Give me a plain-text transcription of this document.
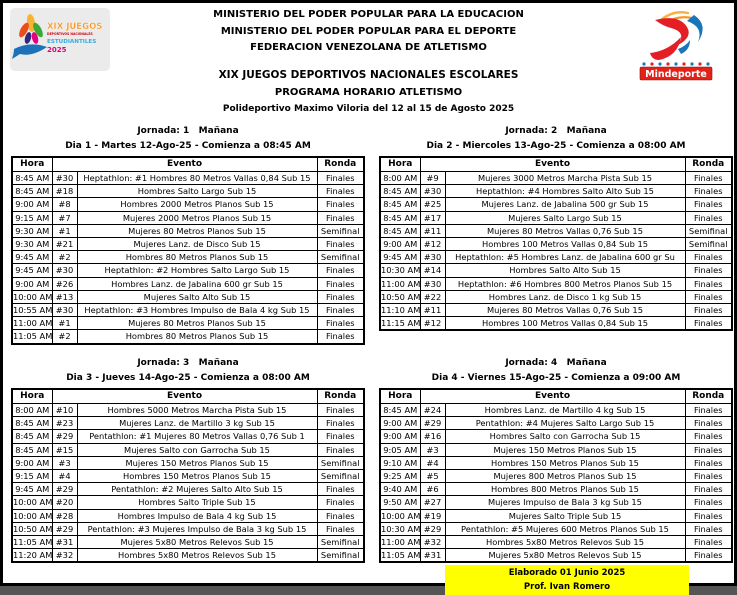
XIX JUEGOS
DEPORTIVOS NACIONALES
ESTUDIANTILES
2025
Mindeporte
MINISTERIO DEL PODER POPULAR PARA LA EDUCACION
MINISTERIO DEL PODER POPULAR PARA EL DEPORTE
FEDERACION VENEZOLANA DE ATLETISMO
XIX JUEGOS DEPORTIVOS NACIONALES ESCOLARES
PROGRAMA HORARIO ATLETISMO
Polideportivo Maximo Viloria del 12 al 15 de Agosto 2025
Jornada: 1   Mañana
Dia 1 - Martes 12-Ago-25 - Comienza a 08:45 AM
Hora	Evento		Ronda
8:45 AM	#30	Heptathlon: #1 Hombres 80 Metros Vallas 0,84 Sub 15	Finales
8:45 AM	#18	Hombres Salto Largo Sub 15	Finales
9:00 AM	#8	Hombres 2000 Metros Planos Sub 15	Finales
9:15 AM	#7	Mujeres 2000 Metros Planos Sub 15	Finales
9:30 AM	#1	Mujeres 80 Metros Planos Sub 15	Semifinal
9:30 AM	#21	Mujeres Lanz. de Disco Sub 15	Finales
9:45 AM	#2	Hombres 80 Metros Planos Sub 15	Semifinal
9:45 AM	#30	Heptathlon: #2 Hombres Salto Largo Sub 15	Finales
9:00 AM	#26	Hombres Lanz. de Jabalina 600 gr Sub 15	Finales
10:00 AM	#13	Mujeres Salto Alto Sub 15	Finales
10:55 AM	#30	Heptathlon: #3 Hombres Impulso de Bala 4 kg Sub 15	Finales
11:00 AM	#1	Mujeres 80 Metros Planos Sub 15	Finales
11:05 AM	#2	Hombres 80 Metros Planos Sub 15	Finales
Jornada: 2   Mañana
Dia 2 - Miercoles 13-Ago-25 - Comienza a 08:00 AM
Hora	Evento		Ronda
8:00 AM	#9	Mujeres 3000 Metros Marcha Pista Sub 15	Finales
8:45 AM	#30	Heptathlon: #4 Hombres Salto Alto Sub 15	Finales
8:45 AM	#25	Mujeres Lanz. de Jabalina 500 gr Sub 15	Finales
8:45 AM	#17	Mujeres Salto Largo Sub 15	Finales
8:45 AM	#11	Mujeres 80 Metros Vallas 0,76 Sub 15	Semifinal
9:00 AM	#12	Hombres 100 Metros Vallas 0,84 Sub 15	Semifinal
9:45 AM	#30	Heptathlon: #5 Hombres Lanz. de Jabalina 600 gr Su	Finales
10:30 AM	#14	Hombres Salto Alto Sub 15	Finales
11:00 AM	#30	Heptathlon: #6 Hombres 800 Metros Planos Sub 15	Finales
10:50 AM	#22	Hombres Lanz. de Disco 1 kg Sub 15	Finales
11:10 AM	#11	Mujeres 80 Metros Vallas 0,76 Sub 15	Finales
11:15 AM	#12	Hombres 100 Metros Vallas 0,84 Sub 15	Finales
Jornada: 3   Mañana
Dia 3 - Jueves 14-Ago-25 - Comienza a 08:00 AM
Hora	Evento		Ronda
8:00 AM	#10	Hombres 5000 Metros Marcha Pista Sub 15	Finales
8:45 AM	#23	Mujeres Lanz. de Martillo 3 kg Sub 15	Finales
8:45 AM	#29	Pentathlon: #1 Mujeres 80 Metros Vallas 0,76 Sub 1	Finales
8:45 AM	#15	Mujeres Salto con Garrocha Sub 15	Finales
9:00 AM	#3	Mujeres 150 Metros Planos Sub 15	Semifinal
9:15 AM	#4	Hombres 150 Metros Planos Sub 15	Semifinal
9:45 AM	#29	Pentathlon: #2 Mujeres Salto Alto Sub 15	Finales
10:00 AM	#20	Hombres Salto Triple Sub 15	Finales
10:00 AM	#28	Hombres Impulso de Bala 4 kg Sub 15	Finales
10:50 AM	#29	Pentathlon: #3 Mujeres Impulso de Bala 3 kg Sub 15	Finales
11:05 AM	#31	Mujeres 5x80 Metros Relevos Sub 15	Semifinal
11:20 AM	#32	Hombres 5x80 Metros Relevos Sub 15	Semifinal
Jornada: 4   Mañana
Dia 4 - Viernes 15-Ago-25 - Comienza a 09:00 AM
Hora	Evento		Ronda
8:45 AM	#24	Hombres Lanz. de Martillo 4 kg Sub 15	Finales
9:00 AM	#29	Pentathlon: #4 Mujeres Salto Largo Sub 15	Finales
9:00 AM	#16	Hombres Salto con Garrocha Sub 15	Finales
9:05 AM	#3	Mujeres 150 Metros Planos Sub 15	Finales
9:10 AM	#4	Hombres 150 Metros Planos Sub 15	Finales
9:25 AM	#5	Mujeres 800 Metros Planos Sub 15	Finales
9:40 AM	#6	Hombres 800 Metros Planos Sub 15	Finales
9:50 AM	#27	Mujeres Impulso de Bala 3 kg Sub 15	Finales
10:00 AM	#19	Mujeres Salto Triple Sub 15	Finales
10:30 AM	#29	Pentathlon: #5 Mujeres 600 Metros Planos Sub 15	Finales
11:00 AM	#32	Hombres 5x80 Metros Relevos Sub 15	Finales
11:05 AM	#31	Mujeres 5x80 Metros Relevos Sub 15	Finales
Elaborado 01 Junio 2025
Prof. Ivan Romero
